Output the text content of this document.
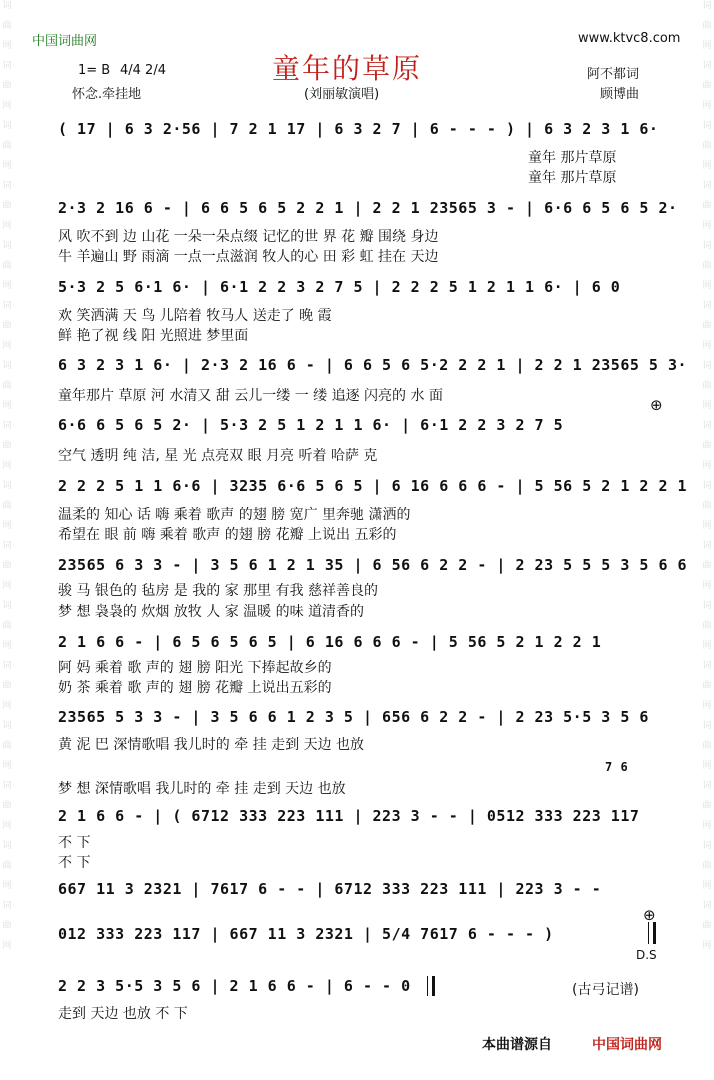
词
曲
网
词
曲
网
词
曲
网
词
曲
网
词
曲
网
词
曲
网
词
曲
网
词
曲
网
词
曲
网
词
曲
网
词
曲
网
词
曲
网
词
曲
网
词
曲
网
词
曲
网
词
曲
网
词
曲
网
词
曲
网
词
曲
网
词
曲
网
词
曲
网
词
曲
网
词
曲
网
词
曲
网
词
曲
网
词
曲
网
词
曲
网
词
曲
网
词
曲
网
词
曲
网
词
曲
网
词
曲
网
中国词曲网	www.ktvc8.com
1= B 4/4 2/4
怀念.牵挂地
童年的草原
(刘丽敏演唱)
阿不都词
顾博曲
( 17 | 6 3 2·56 | 7 2 1 17 | 6 3 2 7 | 6 - - - ) | 6 3 2 3 1 6·
童年 那片草原
童年 那片草原
2·3 2 16 6 - | 6 6 5 6 5 2 2 1 | 2 2 1 23565 3 - | 6·6 6 5 6 5 2·
风 吹不到 边 山花 一朵一朵点缀 记忆的世 界 花 瓣 围绕 身边
牛 羊遍山 野 雨滴 一点一点滋润 牧人的心 田 彩 虹 挂在 天边
5·3 2 5 6·1 6· | 6·1 2 2 3 2 7 5 | 2 2 2 5 1 2 1 1 6· | 6 0
欢 笑洒满 天 鸟 儿陪着 牧马人 送走了 晚 霞
鲜 艳了视 线 阳 光照进 梦里面
6 3 2 3 1 6· | 2·3 2 16 6 - | 6 6 5 6 5·2 2 2 1 | 2 2 1 23565 5 3·
童年那片 草原 河 水清又 甜 云儿一缕 一 缕 追逐 闪亮的 水 面	⊕
6·6 6 5 6 5 2· | 5·3 2 5 1 2 1 1 6· | 6·1 2 2 3 2 7 5
空气 透明 纯 洁, 星 光 点亮双 眼 月亮 听着 哈萨 克
2 2 2 5 1 1 6·6 | 3235 6·6 5 6 5 | 6 16 6 6 6 - | 5 56 5 2 1 2 2 1
温柔的 知心 话 嗨 乘着 歌声 的翅 膀 宽广 里奔驰 潇洒的
希望在 眼 前 嗨 乘着 歌声 的翅 膀 花瓣 上说出 五彩的
23565 6 3 3 - | 3 5 6 1 2 1 35 | 6 56 6 2 2 - | 2 23 5 5 5 3 5 6 6
骏 马 银色的 毡房 是 我的 家 那里 有我 慈祥善良的
梦 想 袅袅的 炊烟 放牧 人 家 温暖 的味 道清香的
2 1 6 6 - | 6 5 6 5 6 5 | 6 16 6 6 6 - | 5 56 5 2 1 2 2 1
阿 妈 乘着 歌 声的 翅 膀 阳光 下捧起故乡的
奶 茶 乘着 歌 声的 翅 膀 花瓣 上说出五彩的
23565 5 3 3 - | 3 5 6 6 1 2 3 5 | 656 6 2 2 - | 2 23 5·5 3 5 6
黄 泥 巴 深情歌唱 我儿时的 牵 挂 走到 天边 也放
7 6
梦 想 深情歌唱 我儿时的 牵 挂 走到 天边 也放
2 1 6 6 - | ( 6712 333 223 111 | 223 3 - - | 0512 333 223 117
不 下
不 下
667 11 3 2321 | 7617 6 - - | 6712 333 223 111 | 223 3 - -
012 333 223 117 | 667 11 3 2321 | 5/4 7617 6 - - - )
⊕
D.S
2 2 3 5·5 3 5 6 | 2 1 6 6 - | 6 - - 0
走到 天边 也放 不 下
(古弓记谱)
本曲谱源自	中国词曲网
